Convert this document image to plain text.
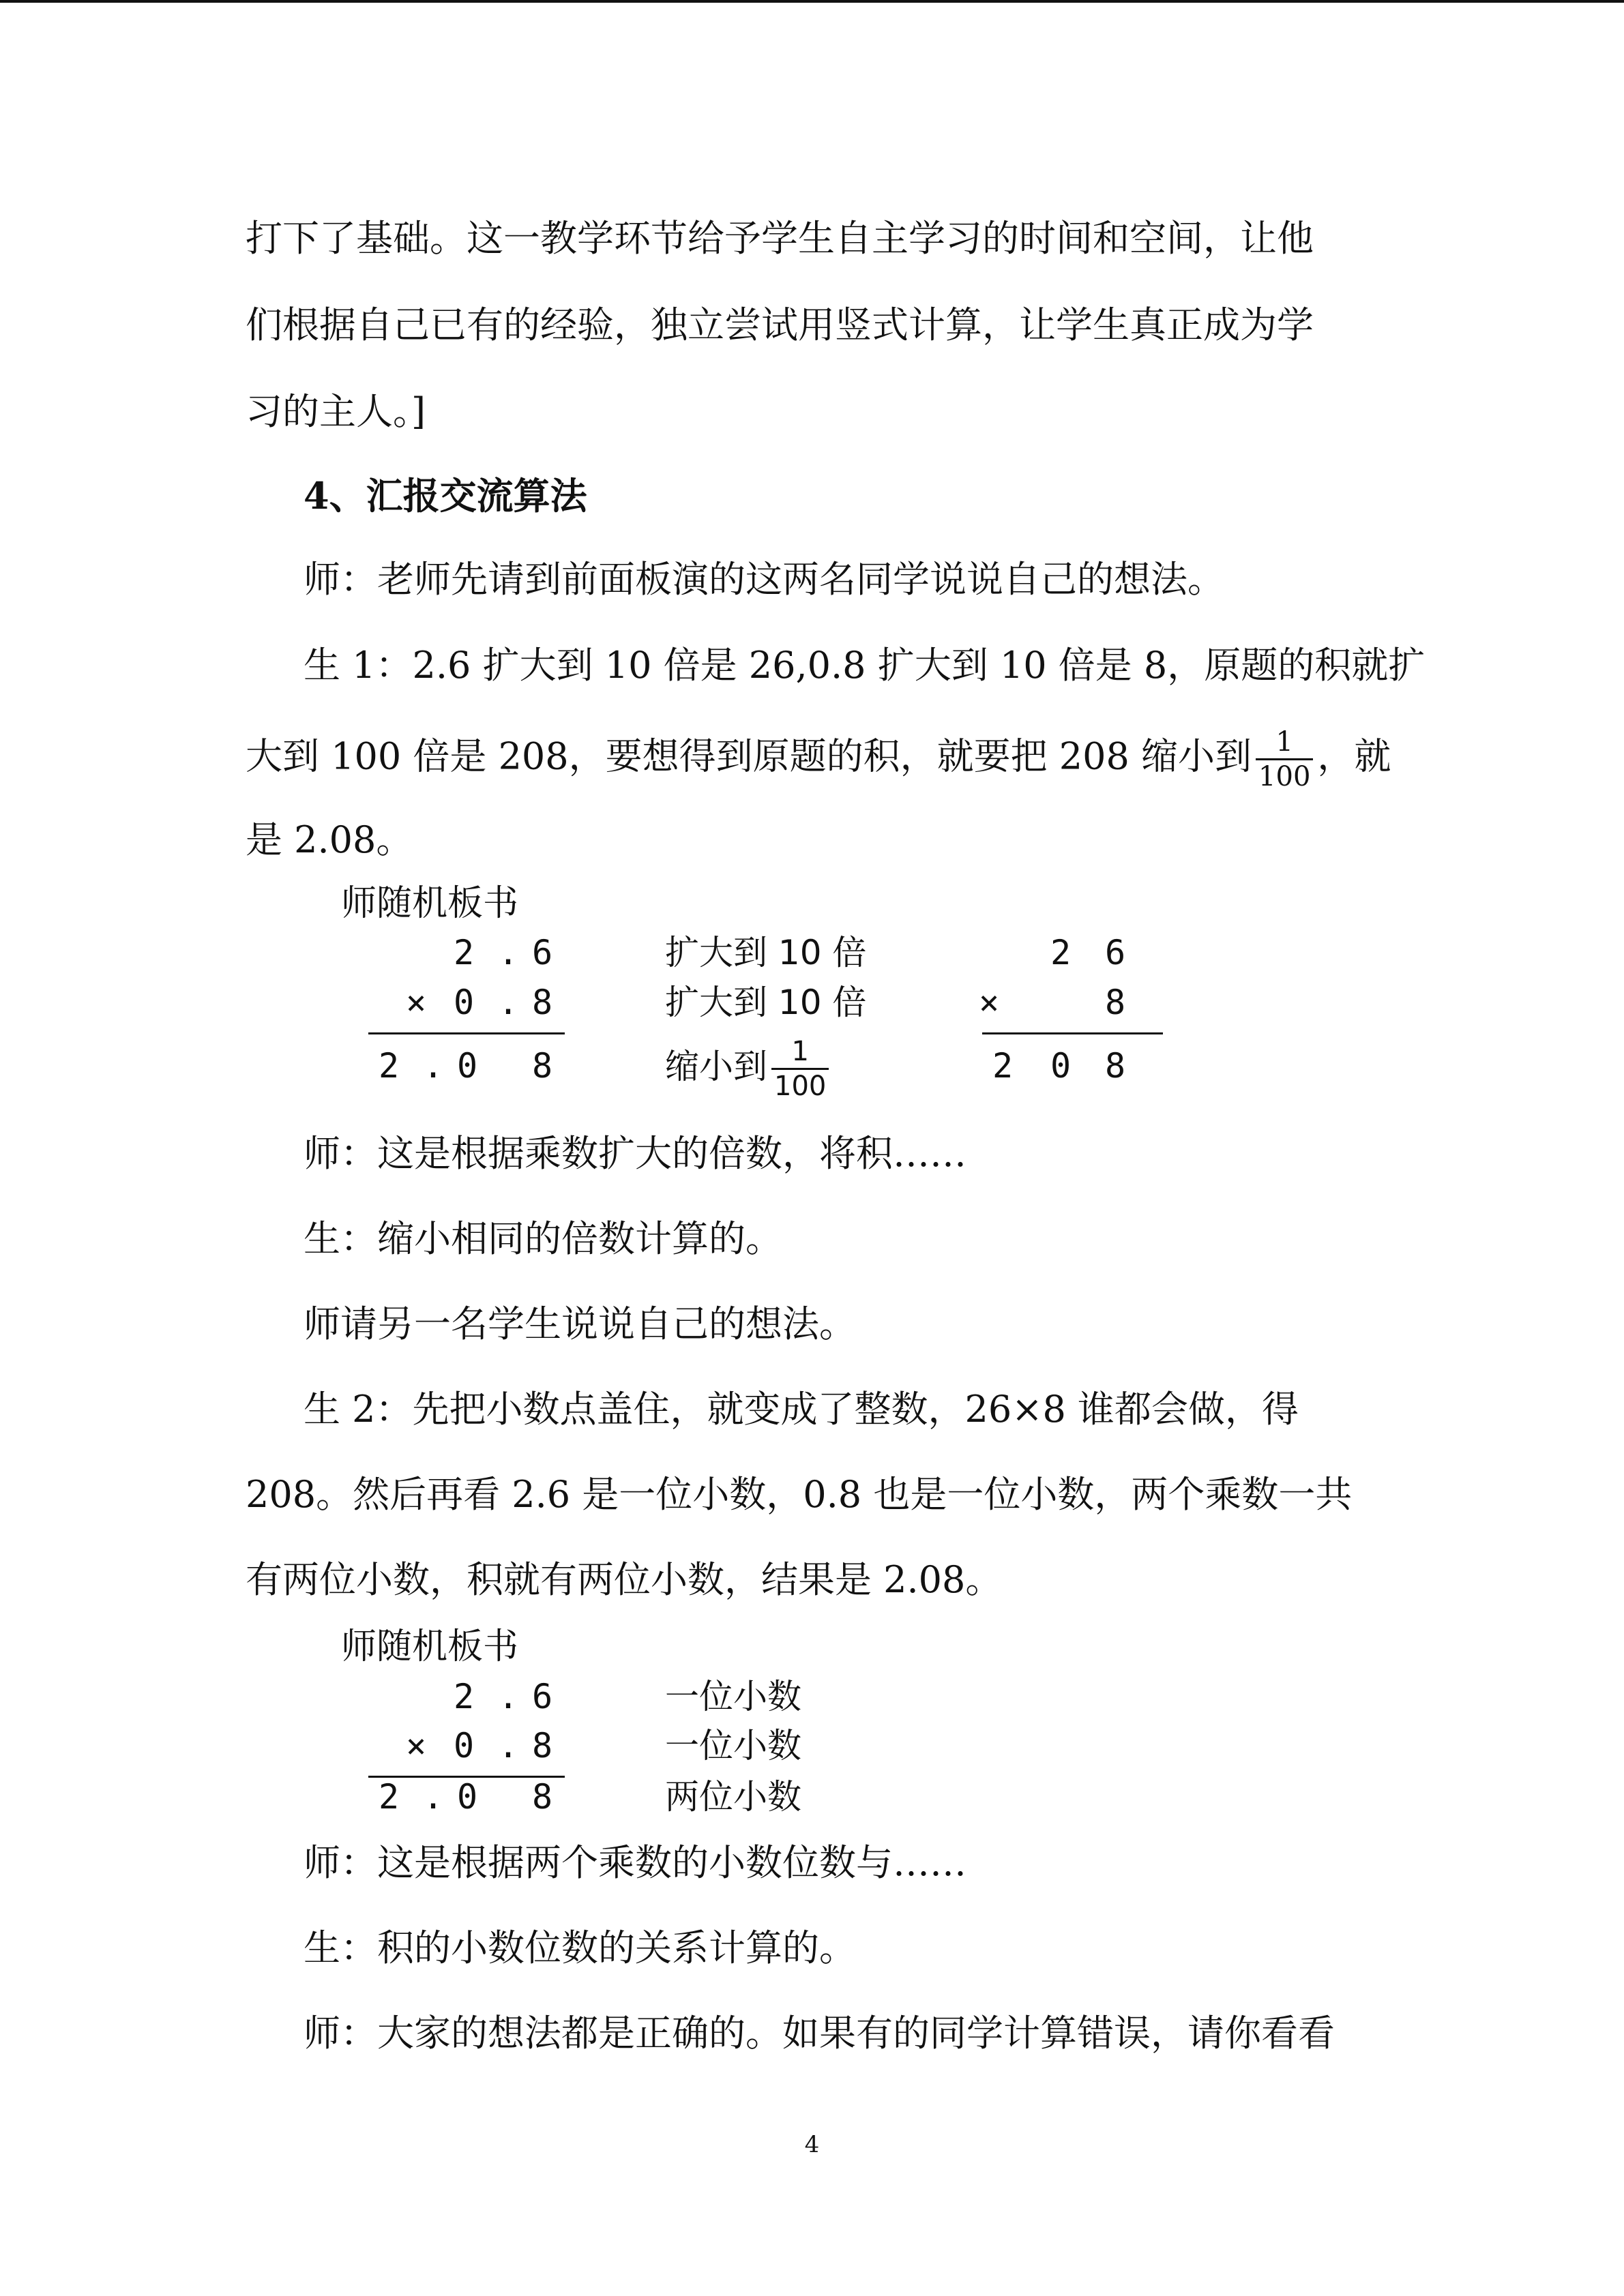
打下了基础。这一教学环节给予学生自主学习的时间和空间，让他
们根据自己已有的经验，独立尝试用竖式计算，让学生真正成为学
习的主人。]
4、汇报交流算法
师：老师先请到前面板演的这两名同学说说自己的想法。
生 1：2.6 扩大到 10 倍是 26,0.8 扩大到 10 倍是 8，原题的积就扩
大到 100 倍是 208，要想得到原题的积，就要把 208 缩小到 $\frac{1}{100}$ ，就
是 2.08。
师随机板书
2 . 6
× 0 . 8
2 . 0 8
扩大到 10 倍
扩大到 10 倍
缩小到 $\frac{1}{100}$
2 6
×	8
2 0 8
师：这是根据乘数扩大的倍数，将积……
生：缩小相同的倍数计算的。
师请另一名学生说说自己的想法。
生 2：先把小数点盖住，就变成了整数，26×8 谁都会做，得
208。然后再看 2.6 是一位小数，0.8 也是一位小数，两个乘数一共
有两位小数，积就有两位小数，结果是 2.08。
师随机板书
2 . 6
× 0 . 8
2 . 0 8
一位小数
一位小数
两位小数
师：这是根据两个乘数的小数位数与……
生：积的小数位数的关系计算的。
师：大家的想法都是正确的。如果有的同学计算错误，请你看看
4
